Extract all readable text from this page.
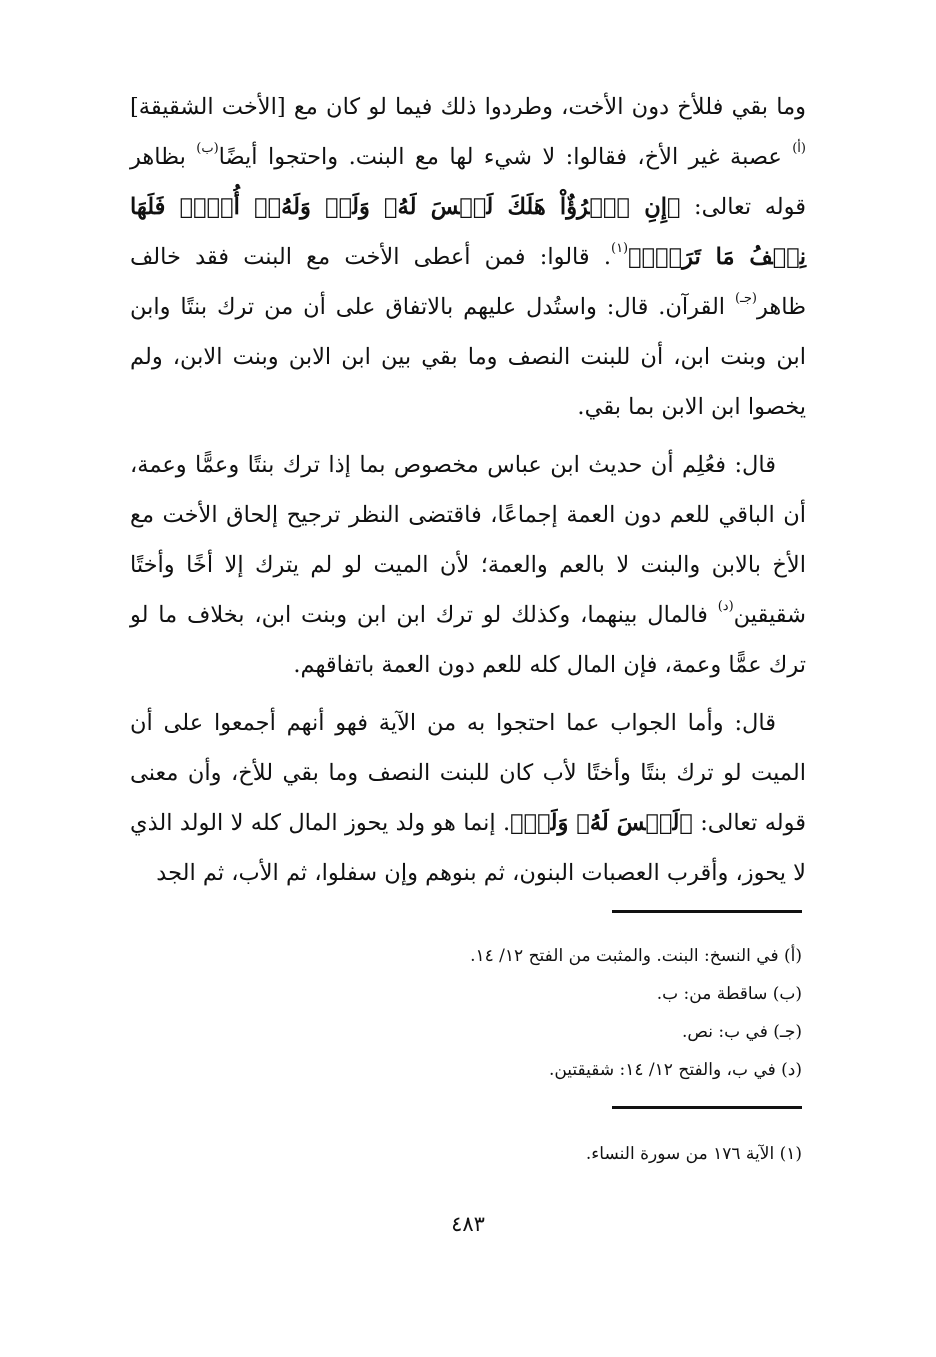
وما بقي فللأخ دون الأخت، وطردوا ذلك فيما لو كان مع [الأخت الشقيقة]$^{(أ)}$ عصبة غير الأخ، فقالوا: لا شيء لها مع البنت. واحتجوا أيضًا$^{(ب)}$ بظاهر قوله تعالى: ﴿إِنِ ٱمۡرُؤٌاْ هَلَكَ لَيۡسَ لَهُۥ وَلَدٞ وَلَهُۥٓ أُخۡتٞ فَلَهَا نِصۡفُ مَا تَرَكَۚ﴾$^{(١)}$. قالوا: فمن أعطى الأخت مع البنت فقد خالف ظاهر$^{(جـ)}$ القرآن. قال: واستُدل عليهم بالاتفاق على أن من ترك بنتًا وابن ابن وبنت ابن، أن للبنت النصف وما بقي بين ابن الابن وبنت الابن، ولم يخصوا ابن الابن بما بقي.

قال: فعُلِم أن حديث ابن عباس مخصوص بما إذا ترك بنتًا وعمًّا وعمة، أن الباقي للعم دون العمة إجماعًا، فاقتضى النظر ترجيح إلحاق الأخت مع الأخ بالابن والبنت لا بالعم والعمة؛ لأن الميت لو لم يترك إلا أخًا وأختًا شقيقين$^{(د)}$ فالمال بينهما، وكذلك لو ترك ابن ابن وبنت ابن، بخلاف ما لو ترك عمًّا وعمة، فإن المال كله للعم دون العمة باتفاقهم.

قال: وأما الجواب عما احتجوا به من الآية فهو أنهم أجمعوا على أن الميت لو ترك بنتًا وأختًا لأب كان للبنت النصف وما بقي للأخ، وأن معنى قوله تعالى: ﴿لَيۡسَ لَهُۥ وَلَدٞ﴾. إنما هو ولد يحوز المال كله لا الولد الذي لا يحوز، وأقرب العصبات البنون، ثم بنوهم وإن سفلوا، ثم الأب، ثم الجد

(أ) في النسخ: البنت. والمثبت من الفتح ١٢/ ١٤.

(ب) ساقطة من: ب.

(جـ) في ب: نص.

(د) في ب، والفتح ١٢/ ١٤: شقيقتين.

(١) الآية ١٧٦ من سورة النساء.

٤٨٣
